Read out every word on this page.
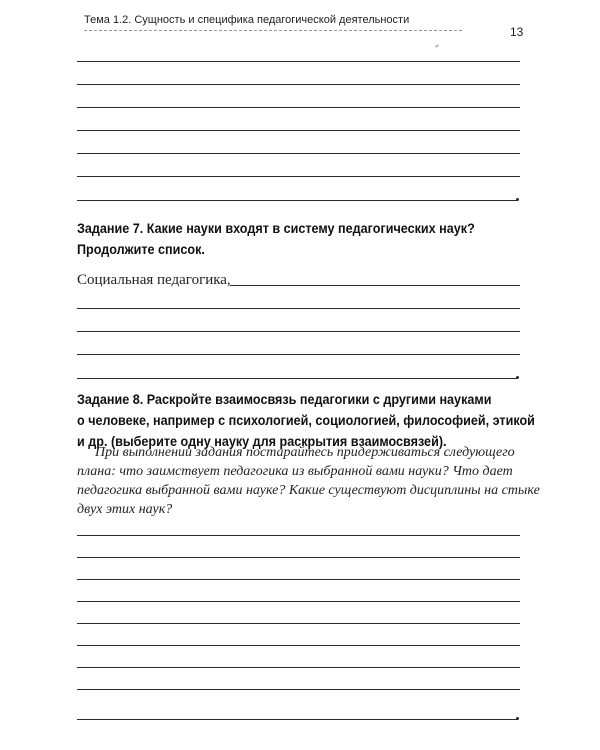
Тема 1.2. Сущность и специфика педагогической деятельности
13
Задание 7. Какие науки входят в систему педагогических наук?
Продолжите список.
Социальная педагогика,
Задание 8. Раскройте взаимосвязь педагогики с другими науками
о человеке, например с психологией, социологией, философией, этикой
и др. (выберите одну науку для раскрытия взаимосвязей).
При выполнении задания постарайтесь придерживаться следующего
плана: что заимствует педагогика из выбранной вами науки? Что дает
педагогика выбранной вами науке? Какие существуют дисциплины на стыке
двух этих наук?
